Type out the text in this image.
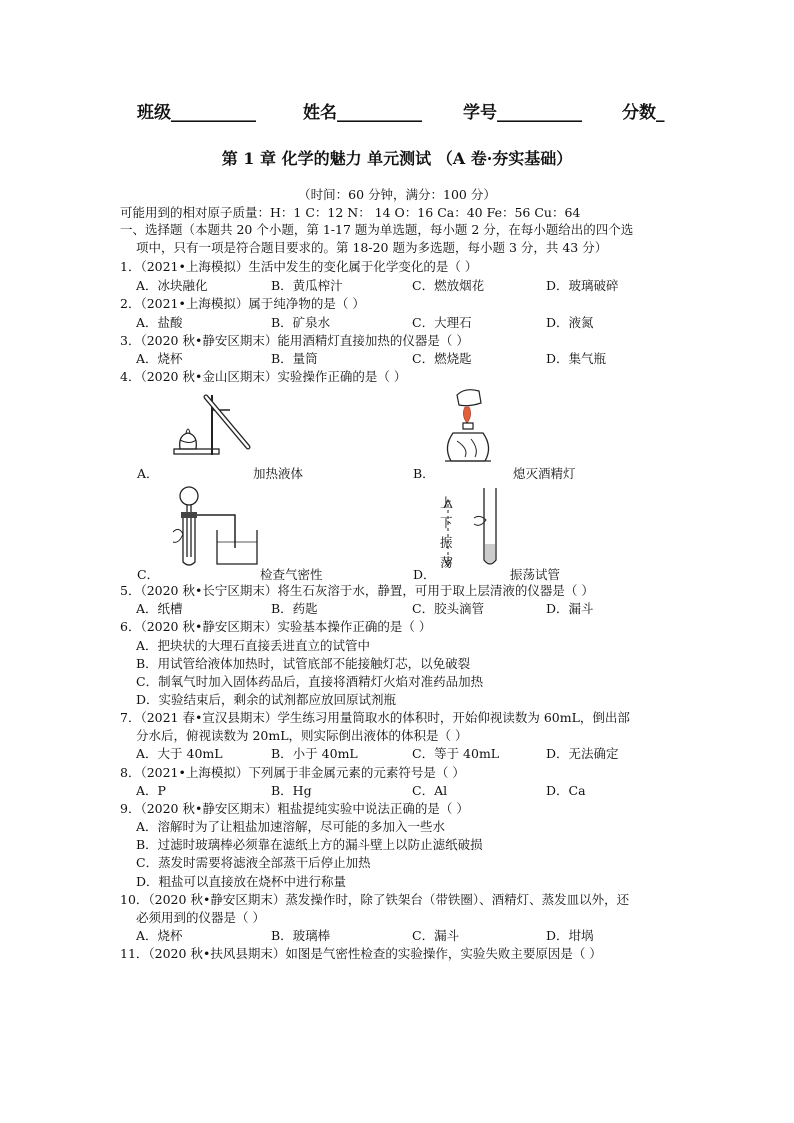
班级__________	姓名__________ 学号__________ 分数_
第 1 章 化学的魅力 单元测试 （A 卷·夯实基础）
（时间：60 分钟，满分：100 分）
可能用到的相对原子质量：H：1 C：12 N： 14 O：16 Ca：40 Fe：56 Cu：64
一、选择题（本题共 20 个小题，第 1-17 题为单选题，每小题 2 分，在每小题给出的四个选
项中，只有一项是符合题目要求的。第 18-20 题为多选题，每小题 3 分，共 43 分）
1．（2021•上海模拟）生活中发生的变化属于化学变化的是（ ）
A．冰块融化	B．黄瓜榨汁	C．燃放烟花	D．玻璃破碎
2．（2021•上海模拟）属于纯净物的是（ ）
A．盐酸	B．矿泉水	C．大理石	D．液氮
3．（2020 秋•静安区期末）能用酒精灯直接加热的仪器是（ ）
A．烧杯	B．量筒	C．燃烧匙	D．集气瓶
4．（2020 秋•金山区期末）实验操作正确的是（ ）
A．	加热液体	B．	熄灭酒精灯
C．	检查气密性
上
下
振
荡
D．	振荡试管
5．（2020 秋•长宁区期末）将生石灰溶于水，静置，可用于取上层清液的仪器是（ ）
A．纸槽	B．药匙	C．胶头滴管	D．漏斗
6．（2020 秋•静安区期末）实验基本操作正确的是（ ）
A．把块状的大理石直接丢进直立的试管中
B．用试管给液体加热时，试管底部不能接触灯芯，以免破裂
C．制氧气时加入固体药品后，直接将酒精灯火焰对准药品加热
D．实验结束后，剩余的试剂都应放回原试剂瓶
7．（2021 春•宣汉县期末）学生练习用量筒取水的体积时，开始仰视读数为 60mL，倒出部
分水后，俯视读数为 20mL，则实际倒出液体的体积是（ ）
A．大于 40mL	B．小于 40mL	C．等于 40mL	D．无法确定
8．（2021•上海模拟）下列属于非金属元素的元素符号是（ ）
A．P	B．Hg	C．Al	D．Ca
9．（2020 秋•静安区期末）粗盐提纯实验中说法正确的是（ ）
A．溶解时为了让粗盐加速溶解，尽可能的多加入一些水
B．过滤时玻璃棒必须靠在滤纸上方的漏斗壁上以防止滤纸破损
C．蒸发时需要将滤液全部蒸干后停止加热
D．粗盐可以直接放在烧杯中进行称量
10．（2020 秋•静安区期末）蒸发操作时，除了铁架台（带铁圈）、酒精灯、蒸发皿以外，还
必须用到的仪器是（ ）
A．烧杯	B．玻璃棒	C．漏斗	D．坩埚
11．（2020 秋•扶风县期末）如图是气密性检查的实验操作，实验失败主要原因是（ ）
